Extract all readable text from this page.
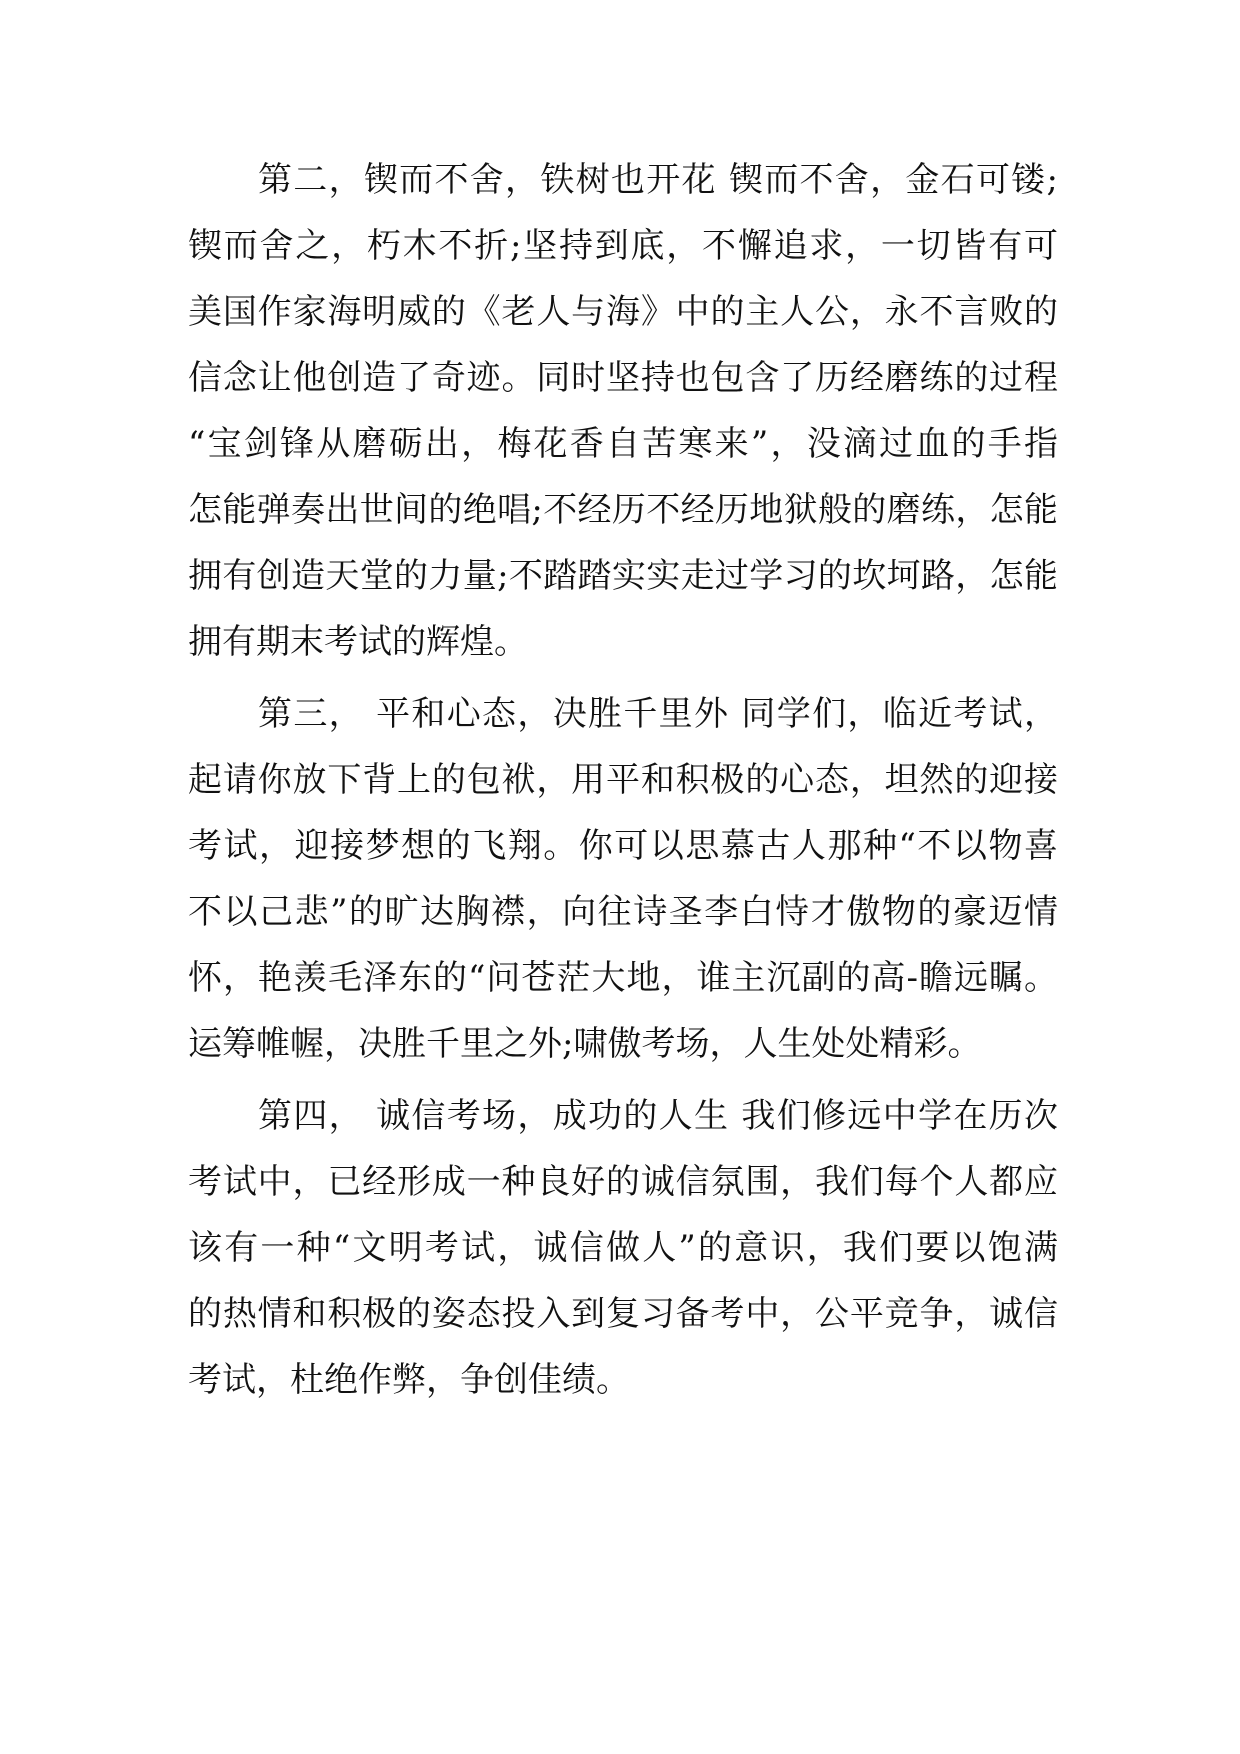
第二，锲而不舍，铁树也开花 锲而不舍，金石可镂;
锲而舍之，朽木不折;坚持到底，不懈追求，一切皆有可
美国作家海明威的《老人与海》中的主人公，永不言败的
信念让他创造了奇迹。同时坚持也包含了历经磨练的过程
“宝剑锋从磨砺出，梅花香自苦寒来”，没滴过血的手指
怎能弹奏出世间的绝唱;不经历不经历地狱般的磨练，怎能
拥有创造天堂的力量;不踏踏实实走过学习的坎坷路，怎能
拥有期末考试的辉煌。
第三， 平和心态，决胜千里外 同学们，临近考试，
起请你放下背上的包袱，用平和积极的心态，坦然的迎接
考试，迎接梦想的飞翔。你可以思慕古人那种“不以物喜
不以己悲”的旷达胸襟，向往诗圣李白恃才傲物的豪迈情
怀，艳羡毛泽东的“问苍茫大地，谁主沉副的高-瞻远瞩。
运筹帷幄，决胜千里之外;啸傲考场，人生处处精彩。
第四， 诚信考场，成功的人生 我们修远中学在历次
考试中，已经形成一种良好的诚信氛围，我们每个人都应
该有一种“文明考试，诚信做人”的意识，我们要以饱满
的热情和积极的姿态投入到复习备考中，公平竞争，诚信
考试，杜绝作弊，争创佳绩。
